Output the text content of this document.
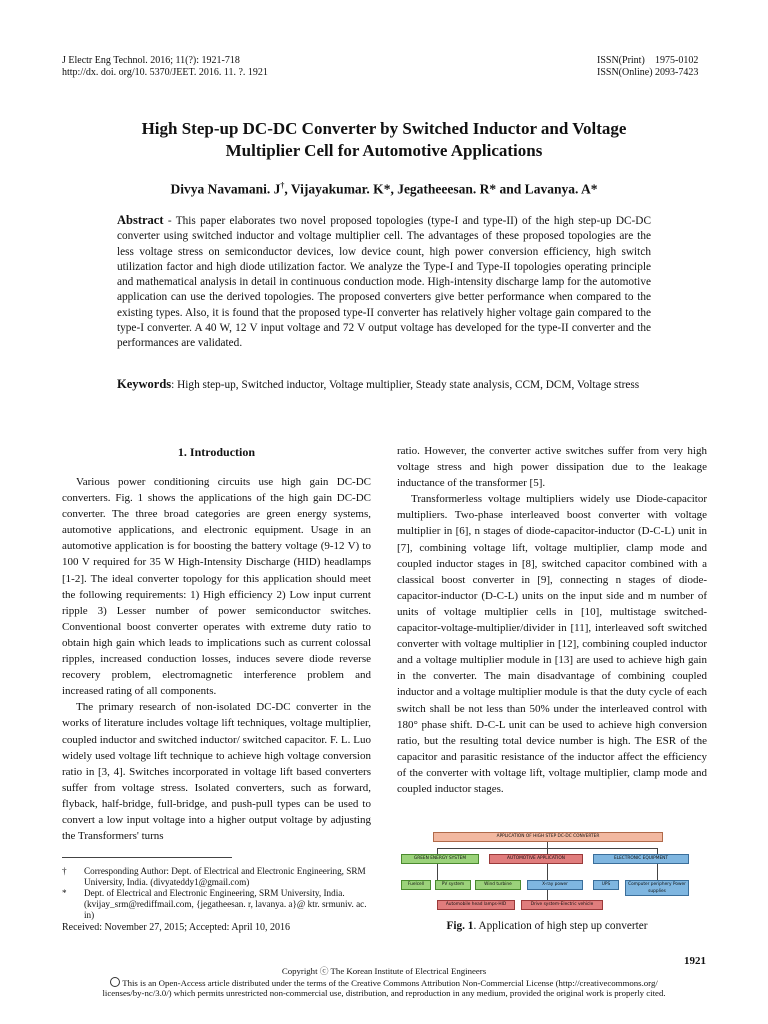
J Electr Eng Technol. 2016; 11(?): 1921-718
http://dx. doi. org/10. 5370/JEET. 2016. 11. ?. 1921
ISSN(Print) 1975-0102
ISSN(Online) 2093-7423
High Step-up DC-DC Converter by Switched Inductor and Voltage
Multiplier Cell for Automotive Applications
Divya Navamani. J†, Vijayakumar. K*, Jegatheeesan. R* and Lavanya. A*
Abstract - This paper elaborates two novel proposed topologies (type-I and type-II) of the high step-up DC-DC converter using switched inductor and voltage multiplier cell. The advantages of these proposed topologies are the less voltage stress on semiconductor devices, low device count, high power conversion efficiency, high switch utilization factor and high diode utilization factor. We analyze the Type-I and Type-II topologies operating principle and mathematical analysis in detail in continuous conduction mode. High-intensity discharge lamp for the automotive application can use the derived topologies. The proposed converters give better performance when compared to the existing types. Also, it is found that the proposed type-II converter has relatively higher voltage gain compared to the type-I converter. A 40 W, 12 V input voltage and 72 V output voltage has developed for the type-II converter and the performances are validated.
Keywords: High step-up, Switched inductor, Voltage multiplier, Steady state analysis, CCM, DCM, Voltage stress
1. Introduction

Various power conditioning circuits use high gain DC-DC converters. Fig. 1 shows the applications of the high gain DC-DC converter. The three broad categories are green energy systems, automotive applications, and electronic equipment. Usage in an automotive application is for boosting the battery voltage (9-12 V) to 100 V required for 35 W High-Intensity Discharge (HID) headlamps [1-2]. The ideal converter topology for this application should meet the following requirements: 1) High efficiency 2) Low input current ripple 3) Lesser number of power semiconductor switches. Conventional boost converter operates with extreme duty ratio to obtain high gain which leads to implications such as current colossal ripples, increased conduction losses, induces severe diode reverse recovery problem, electromagnetic interference problem and increased rating of all components.

The primary research of non-isolated DC-DC converter in the works of literature includes voltage lift techniques, voltage multiplier, coupled inductor and switched inductor/ switched capacitor. F. L. Luo widely used voltage lift technique to achieve high voltage conversion ratio in [3, 4]. Switches incorporated in voltage lift based converters suffer from voltage stress. Isolated converters, such as forward, flyback, half-bridge, full-bridge, and push-pull types can be used to convert a low input voltage into a higher output voltage by adjusting the Transformers' turns

ratio. However, the converter active switches suffer from very high voltage stress and high power dissipation due to the leakage inductance of the transformer [5].

Transformerless voltage multipliers widely use Diode-capacitor multipliers. Two-phase interleaved boost converter with voltage multiplier in [6], n stages of diode-capacitor-inductor (D-C-L) unit in [7], combining voltage lift, voltage multiplier, clamp mode and coupled inductor stages in [8], switched capacitor combined with a classical boost converter in [9], connecting n stages of diode-capacitor-inductor (D-C-L) units on the input side and m number of units of voltage multiplier cells in [10], multistage switched-capacitor-voltage-multiplier/divider in [11], interleaved soft switched converter with voltage multiplier in [12], combining coupled inductor and a voltage multiplier module in [13] are used to achieve high gain in the converter. The main disadvantage of combining coupled inductor and a voltage multiplier module is that the duty cycle of each switch shall be not less than 50% under the interleaved control with 180° phase shift. D-C-L unit can be used to achieve high conversion ratio, but the resulting total device number is high. The ESR of the capacitor and parasitic resistance of the inductor affect the efficiency of the converter with voltage lift, voltage multiplier, clamp mode and coupled inductor stages.

† Corresponding Author: Dept. of Electrical and Electronic Engineering, SRM University, India. (divyateddy1@gmail.com)
* Dept. of Electrical and Electronic Engineering, SRM University, India. (kvijay_srm@rediffmail.com, {jegatheesan. r, lavanya. a}@ ktr. srmuniv. ac. in)
Received: November 27, 2015; Accepted: April 10, 2016
APPLICATION OF HIGH STEP DC-DC CONVERTER
GREEN ENERGY SYSTEM	AUTOMOTIVE APPLICATION	ELECTRONIC EQUIPMENT
Fuelcell	PV system	Wind turbine	X-ray power
Automobile head lamps-HID	Drive system-Electric vehicle
UPS	Computer periphery Power supplies
Fig. 1. Application of high step up converter
1921
Copyright ⓒ The Korean Institute of Electrical Engineers
This is an Open-Access article distributed under the terms of the Creative Commons Attribution Non-Commercial License (http://creativecommons.org/
licenses/by-nc/3.0/) which permits unrestricted non-commercial use, distribution, and reproduction in any medium, provided the original work is properly cited.
